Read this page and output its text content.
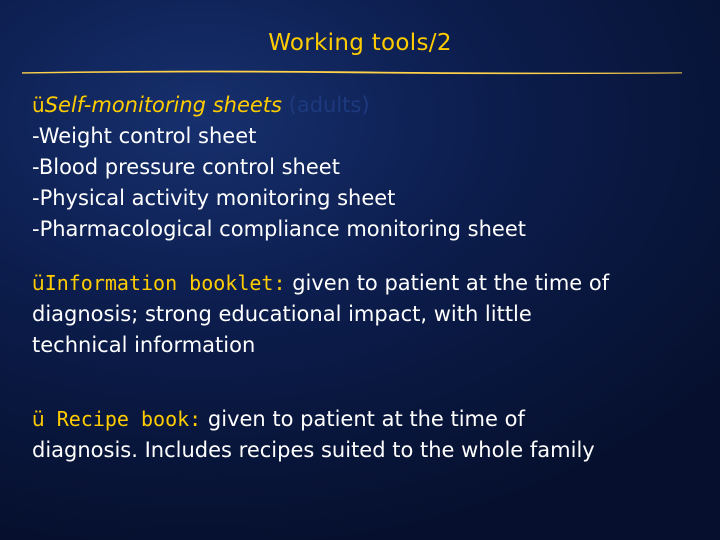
Working tools/2
üSelf-monitoring sheets (adults)
-Weight control sheet
-Blood pressure control sheet
-Physical activity monitoring sheet
-Pharmacological compliance monitoring sheet
üInformation booklet: given to patient at the time of
diagnosis; strong educational impact, with little
technical information
ü Recipe book: given to patient at the time of
diagnosis. Includes recipes suited to the whole family
